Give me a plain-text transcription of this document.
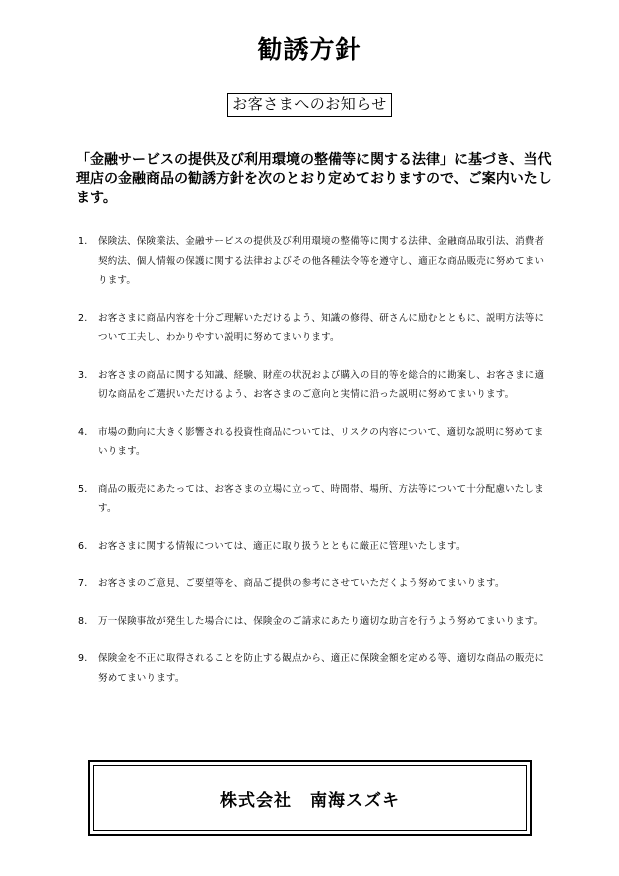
勧誘方針
お客さまへのお知らせ

「金融サービスの提供及び利用環境の整備等に関する法律」に基づき、当代理店の金融商品の勧誘方針を次のとおり定めておりますので、ご案内いたします。

1.	保険法、保険業法、金融サービスの提供及び利用環境の整備等に関する法律、金融商品取引法、消費者契約法、個人情報の保護に関する法律およびその他各種法令等を遵守し、適正な商品販売に努めてまいります。
2.	お客さまに商品内容を十分ご理解いただけるよう、知識の修得、研さんに励むとともに、説明方法等について工夫し、わかりやすい説明に努めてまいります。
3.	お客さまの商品に関する知識、経験、財産の状況および購入の目的等を総合的に勘案し、お客さまに適切な商品をご選択いただけるよう、お客さまのご意向と実情に沿った説明に努めてまいります。
4.	市場の動向に大きく影響される投資性商品については、リスクの内容について、適切な説明に努めてまいります。
5.	商品の販売にあたっては、お客さまの立場に立って、時間帯、場所、方法等について十分配慮いたします。
6.	お客さまに関する情報については、適正に取り扱うとともに厳正に管理いたします。
7.	お客さまのご意見、ご要望等を、商品ご提供の参考にさせていただくよう努めてまいります。
8.	万一保険事故が発生した場合には、保険金のご請求にあたり適切な助言を行うよう努めてまいります。
9.	保険金を不正に取得されることを防止する観点から、適正に保険金額を定める等、適切な商品の販売に努めてまいります。
株式会社　南海スズキ
